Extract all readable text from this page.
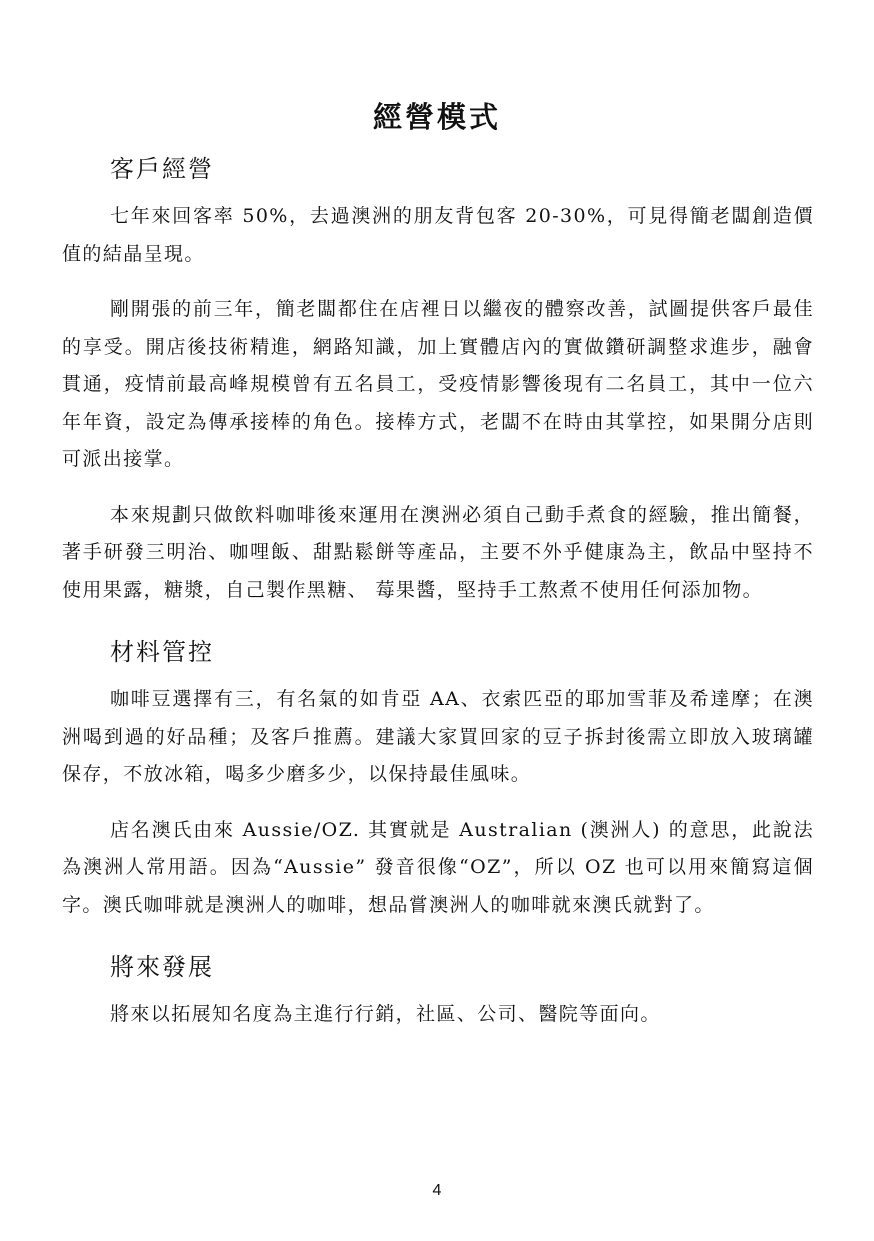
經營模式
客戶經營

七年來回客率 50%，去過澳洲的朋友背包客 20-30%，可見得簡老闆創造價值的結晶呈現。

剛開張的前三年，簡老闆都住在店裡日以繼夜的體察改善，試圖提供客戶最佳的享受。開店後技術精進，網路知識，加上實體店內的實做鑽研調整求進步，融會貫通，疫情前最高峰規模曾有五名員工，受疫情影響後現有二名員工，其中一位六年年資，設定為傳承接棒的角色。接棒方式，老闆不在時由其掌控，如果開分店則可派出接掌。

本來規劃只做飲料咖啡後來運用在澳洲必須自己動手煮食的經驗，推出簡餐，著手研發三明治、咖哩飯、甜點鬆餅等產品，主要不外乎健康為主，飲品中堅持不使用果露，糖漿，自己製作黑糖、 莓果醬，堅持手工熬煮不使用任何添加物。

材料管控

咖啡豆選擇有三，有名氣的如肯亞 AA、衣索匹亞的耶加雪菲及希達摩；在澳洲喝到過的好品種；及客戶推薦。建議大家買回家的豆子拆封後需立即放入玻璃罐保存，不放冰箱，喝多少磨多少，以保持最佳風味。

店名澳氏由來 Aussie/OZ. 其實就是 Australian (澳洲人) 的意思，此說法為澳洲人常用語。因為“Aussie” 發音很像“OZ”，所以 OZ 也可以用來簡寫這個字。澳氏咖啡就是澳洲人的咖啡，想品嘗澳洲人的咖啡就來澳氏就對了。

將來發展

將來以拓展知名度為主進行行銷，社區、公司、醫院等面向。

4
